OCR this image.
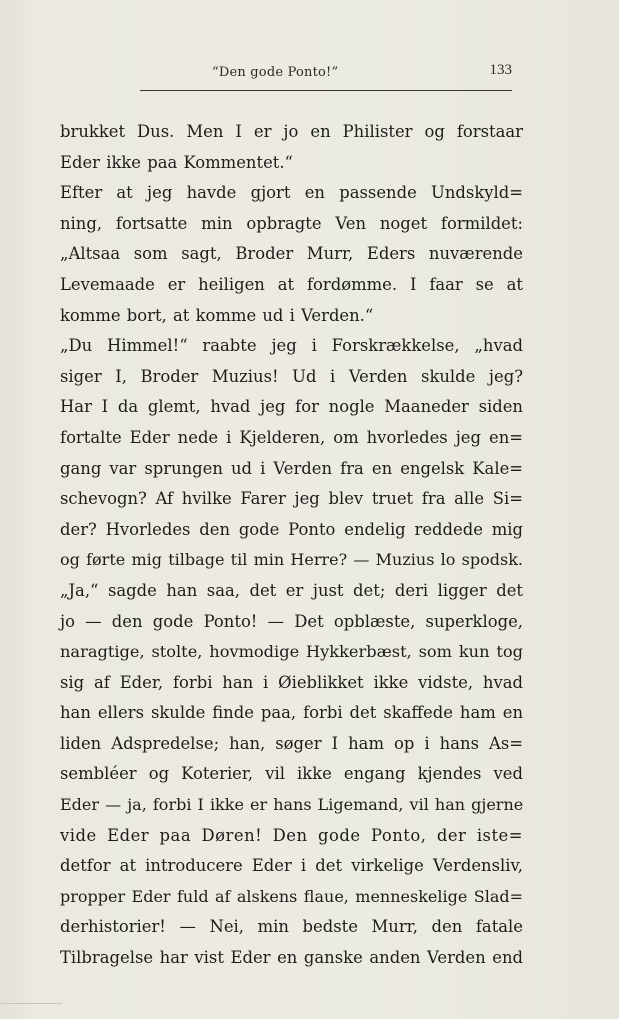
“Den gode Ponto!”	133
brukket Dus. Men I er jo en Philister og forstaar
Eder ikke paa Kommentet.“
Efter at jeg havde gjort en passende Undskyld=
ning, fortsatte min opbragte Ven noget formildet:
„Altsaa som sagt, Broder Murr, Eders nuværende
Levemaade er heiligen at fordømme. I faar se at
komme bort, at komme ud i Verden.“
„Du Himmel!“ raabte jeg i Forskrækkelse, „hvad
siger I, Broder Muzius! Ud i Verden skulde jeg?
Har I da glemt, hvad jeg for nogle Maaneder siden
fortalte Eder nede i Kjelderen, om hvorledes jeg en=
gang var sprungen ud i Verden fra en engelsk Kale=
schevogn? Af hvilke Farer jeg blev truet fra alle Si=
der? Hvorledes den gode Ponto endelig reddede mig
og førte mig tilbage til min Herre? — Muzius lo spodsk.
„Ja,“ sagde han saa, det er just det; deri ligger det
jo — den gode Ponto! — Det opblæste, superkloge,
naragtige, stolte, hovmodige Hykkerbæst, som kun tog
sig af Eder, forbi han i Øieblikket ikke vidste, hvad
han ellers skulde finde paa, forbi det skaffede ham en
liden Adspredelse; han, søger I ham op i hans As=
sembléer og Koterier, vil ikke engang kjendes ved
Eder — ja, forbi I ikke er hans Ligemand, vil han gjerne
vide Eder paa Døren! Den gode Ponto, der iste=
detfor at introducere Eder i det virkelige Verdensliv,
propper Eder fuld af alskens flaue, menneskelige Slad=
derhistorier! — Nei, min bedste Murr, den fatale
Tilbragelse har vist Eder en ganske anden Verden end
